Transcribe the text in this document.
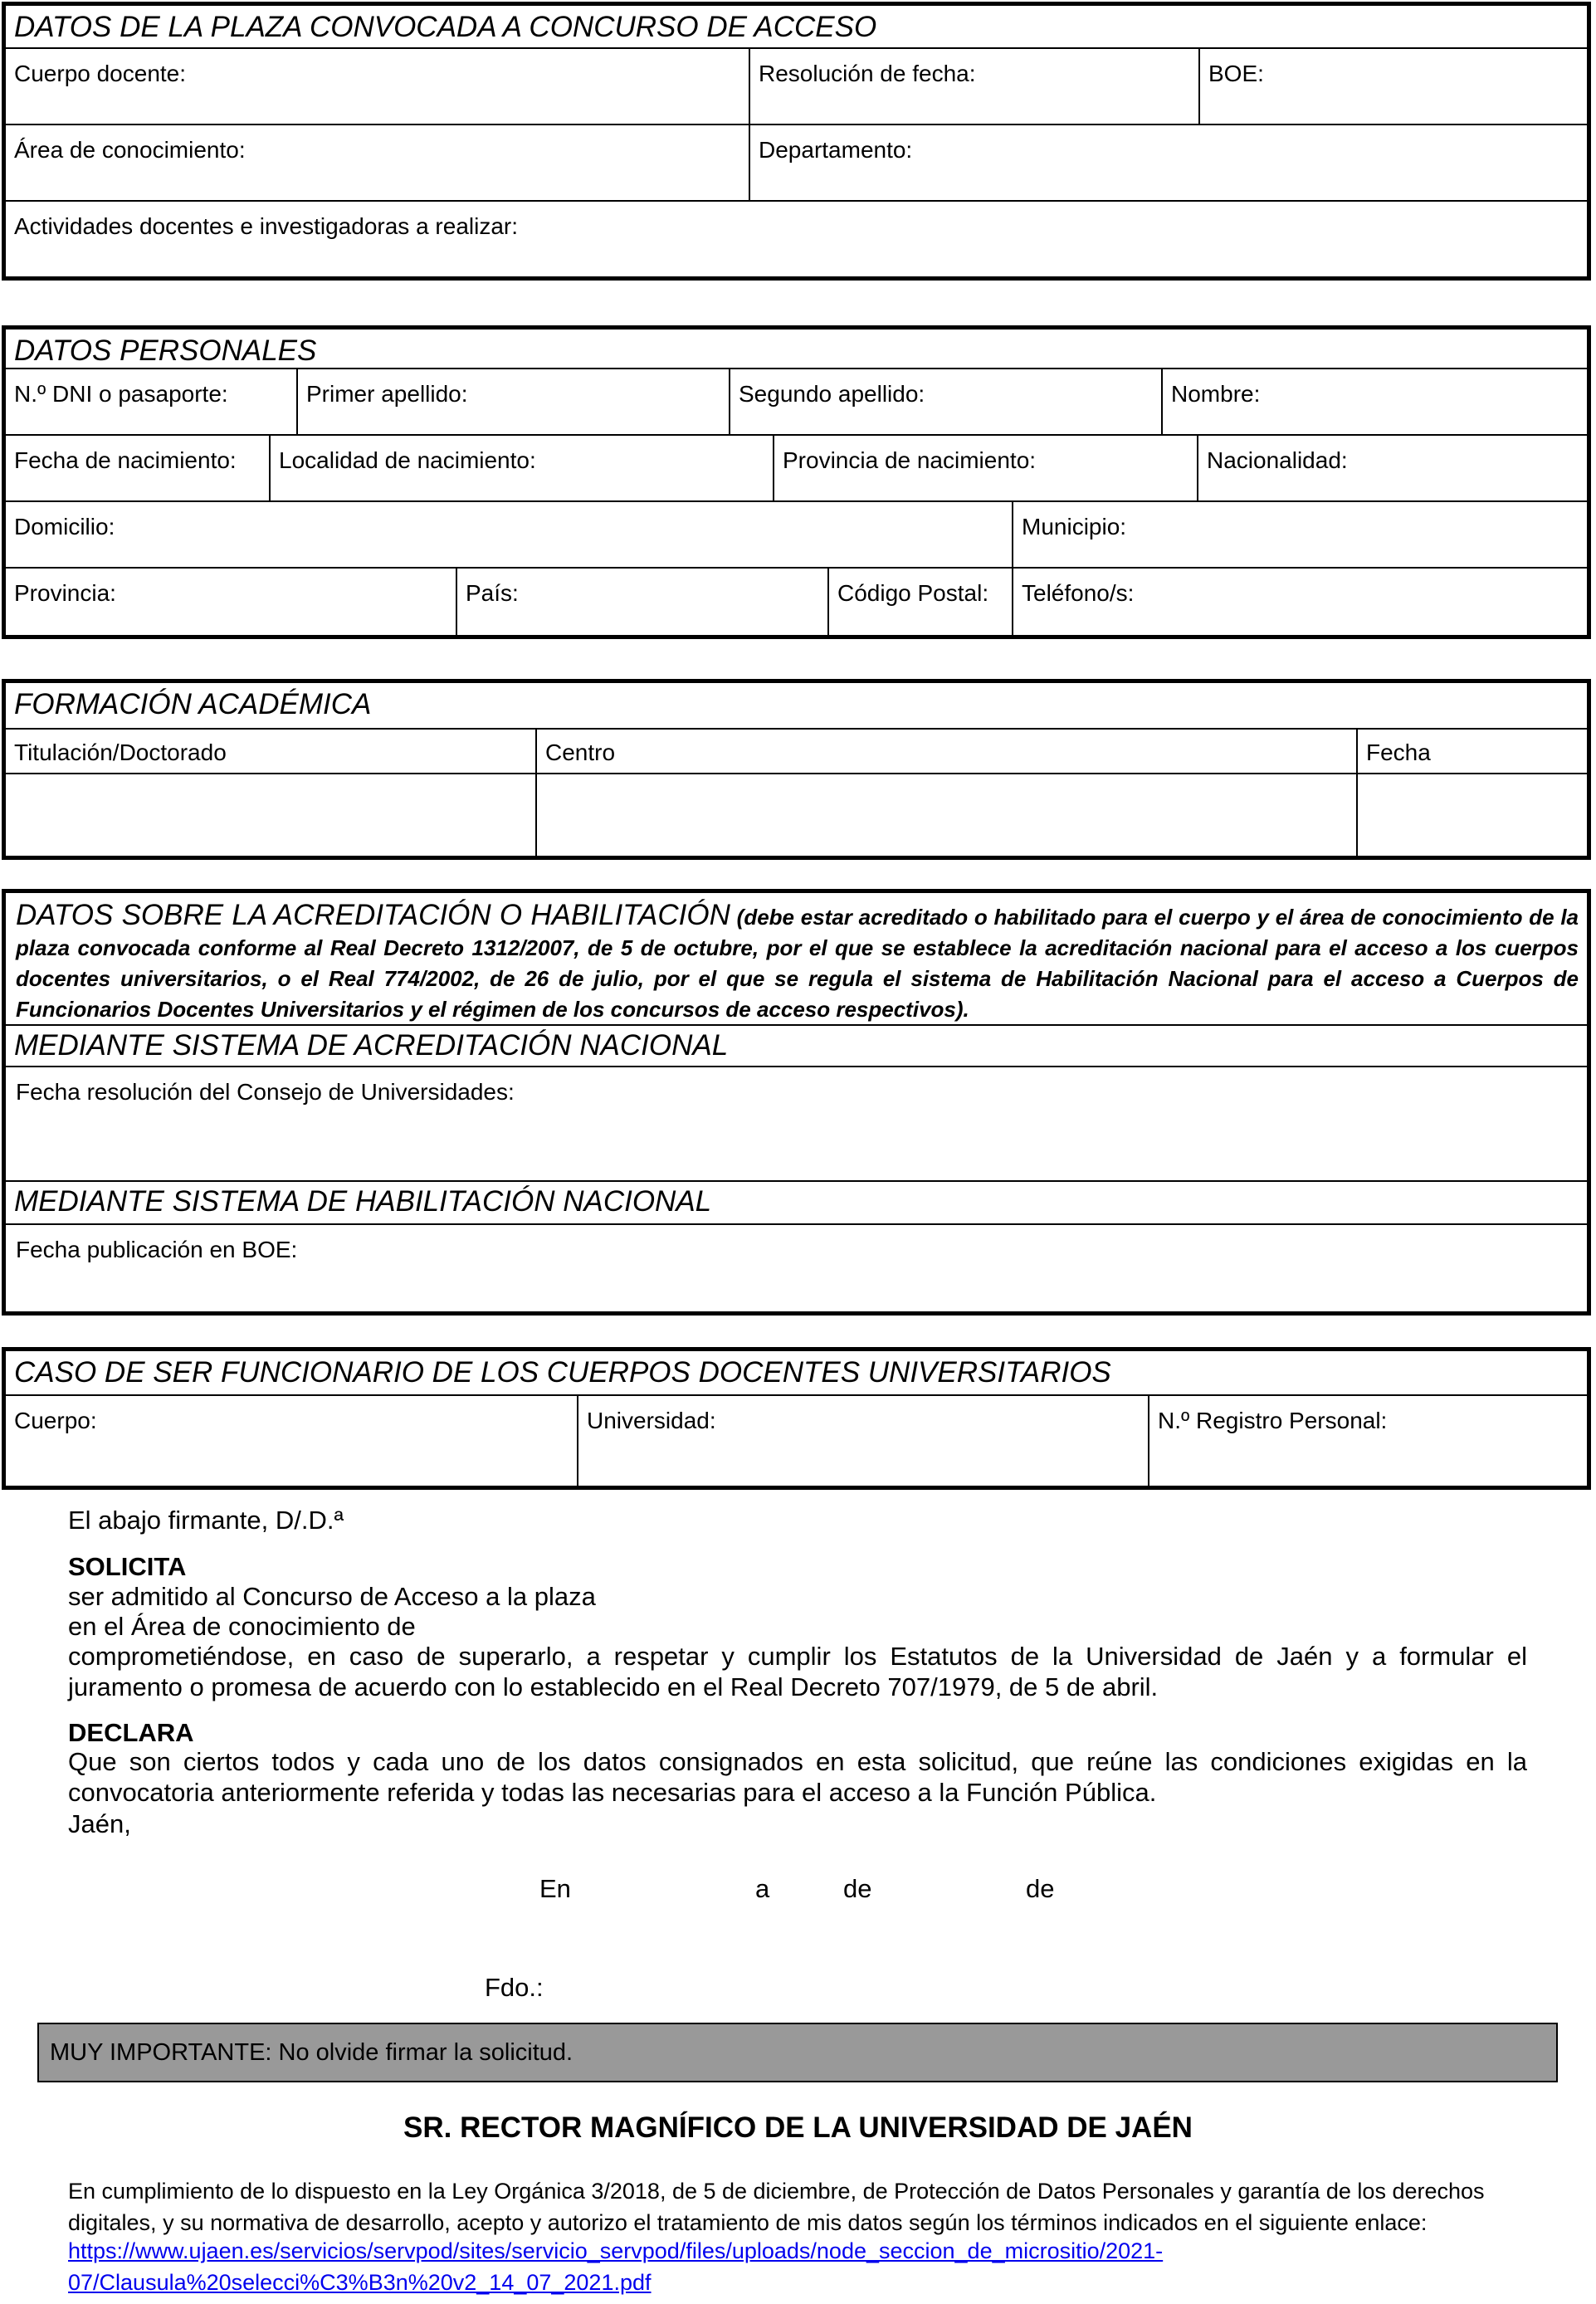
DATOS DE LA PLAZA CONVOCADA A CONCURSO DE ACCESO
Cuerpo docente:	Resolución de fecha:	BOE:
Área de conocimiento:	Departamento:
Actividades docentes e investigadoras a realizar:
DATOS PERSONALES
N.º DNI o pasaporte:	Primer apellido:	Segundo apellido:	Nombre:
Fecha de nacimiento:	Localidad de nacimiento:	Provincia de nacimiento:	Nacionalidad:
Domicilio:	Municipio:
Provincia:	País:	Código Postal:	Teléfono/s:
FORMACIÓN ACADÉMICA
Titulación/Doctorado	Centro	Fecha
DATOS SOBRE LA ACREDITACIÓN O HABILITACIÓN (debe estar acreditado o habilitado para el cuerpo y el área de conocimiento de la plaza convocada conforme al Real Decreto 1312/2007, de 5 de octubre, por el que se establece la acreditación nacional para el acceso a los cuerpos docentes universitarios, o el Real 774/2002, de 26 de julio, por el que se regula el sistema de Habilitación Nacional para el acceso a Cuerpos de Funcionarios Docentes Universitarios y el régimen de los concursos de acceso respectivos).
MEDIANTE SISTEMA DE ACREDITACIÓN NACIONAL
Fecha resolución del Consejo de Universidades:
MEDIANTE SISTEMA DE HABILITACIÓN NACIONAL
Fecha publicación en BOE:
CASO DE SER FUNCIONARIO DE LOS CUERPOS DOCENTES UNIVERSITARIOS
Cuerpo:	Universidad:	N.º Registro Personal:
El abajo firmante, D/.D.ª
SOLICITA
ser admitido al Concurso de Acceso a la plaza
en el Área de conocimiento de
comprometiéndose, en caso de superarlo, a respetar y cumplir los Estatutos de la Universidad de Jaén y a formular el juramento o promesa de acuerdo con lo establecido en el Real Decreto 707/1979, de 5 de abril.
DECLARA
Que son ciertos todos y cada uno de los datos consignados en esta solicitud, que reúne las condiciones exigidas en la convocatoria anteriormente referida y todas las necesarias para el acceso a la Función Pública.
Jaén,
En	a	de	de
Fdo.:
MUY IMPORTANTE: No olvide firmar la solicitud.
SR. RECTOR MAGNÍFICO DE LA UNIVERSIDAD DE JAÉN
En cumplimiento de lo dispuesto en la Ley Orgánica 3/2018, de 5 de diciembre, de Protección de Datos Personales y garantía de los derechos digitales, y su normativa de desarrollo, acepto y autorizo el tratamiento de mis datos según los términos indicados en el siguiente enlace:
https://www.ujaen.es/servicios/servpod/sites/servicio_servpod/files/uploads/node_seccion_de_micrositio/2021-
07/Clausula%20selecci%C3%B3n%20v2_14_07_2021.pdf
